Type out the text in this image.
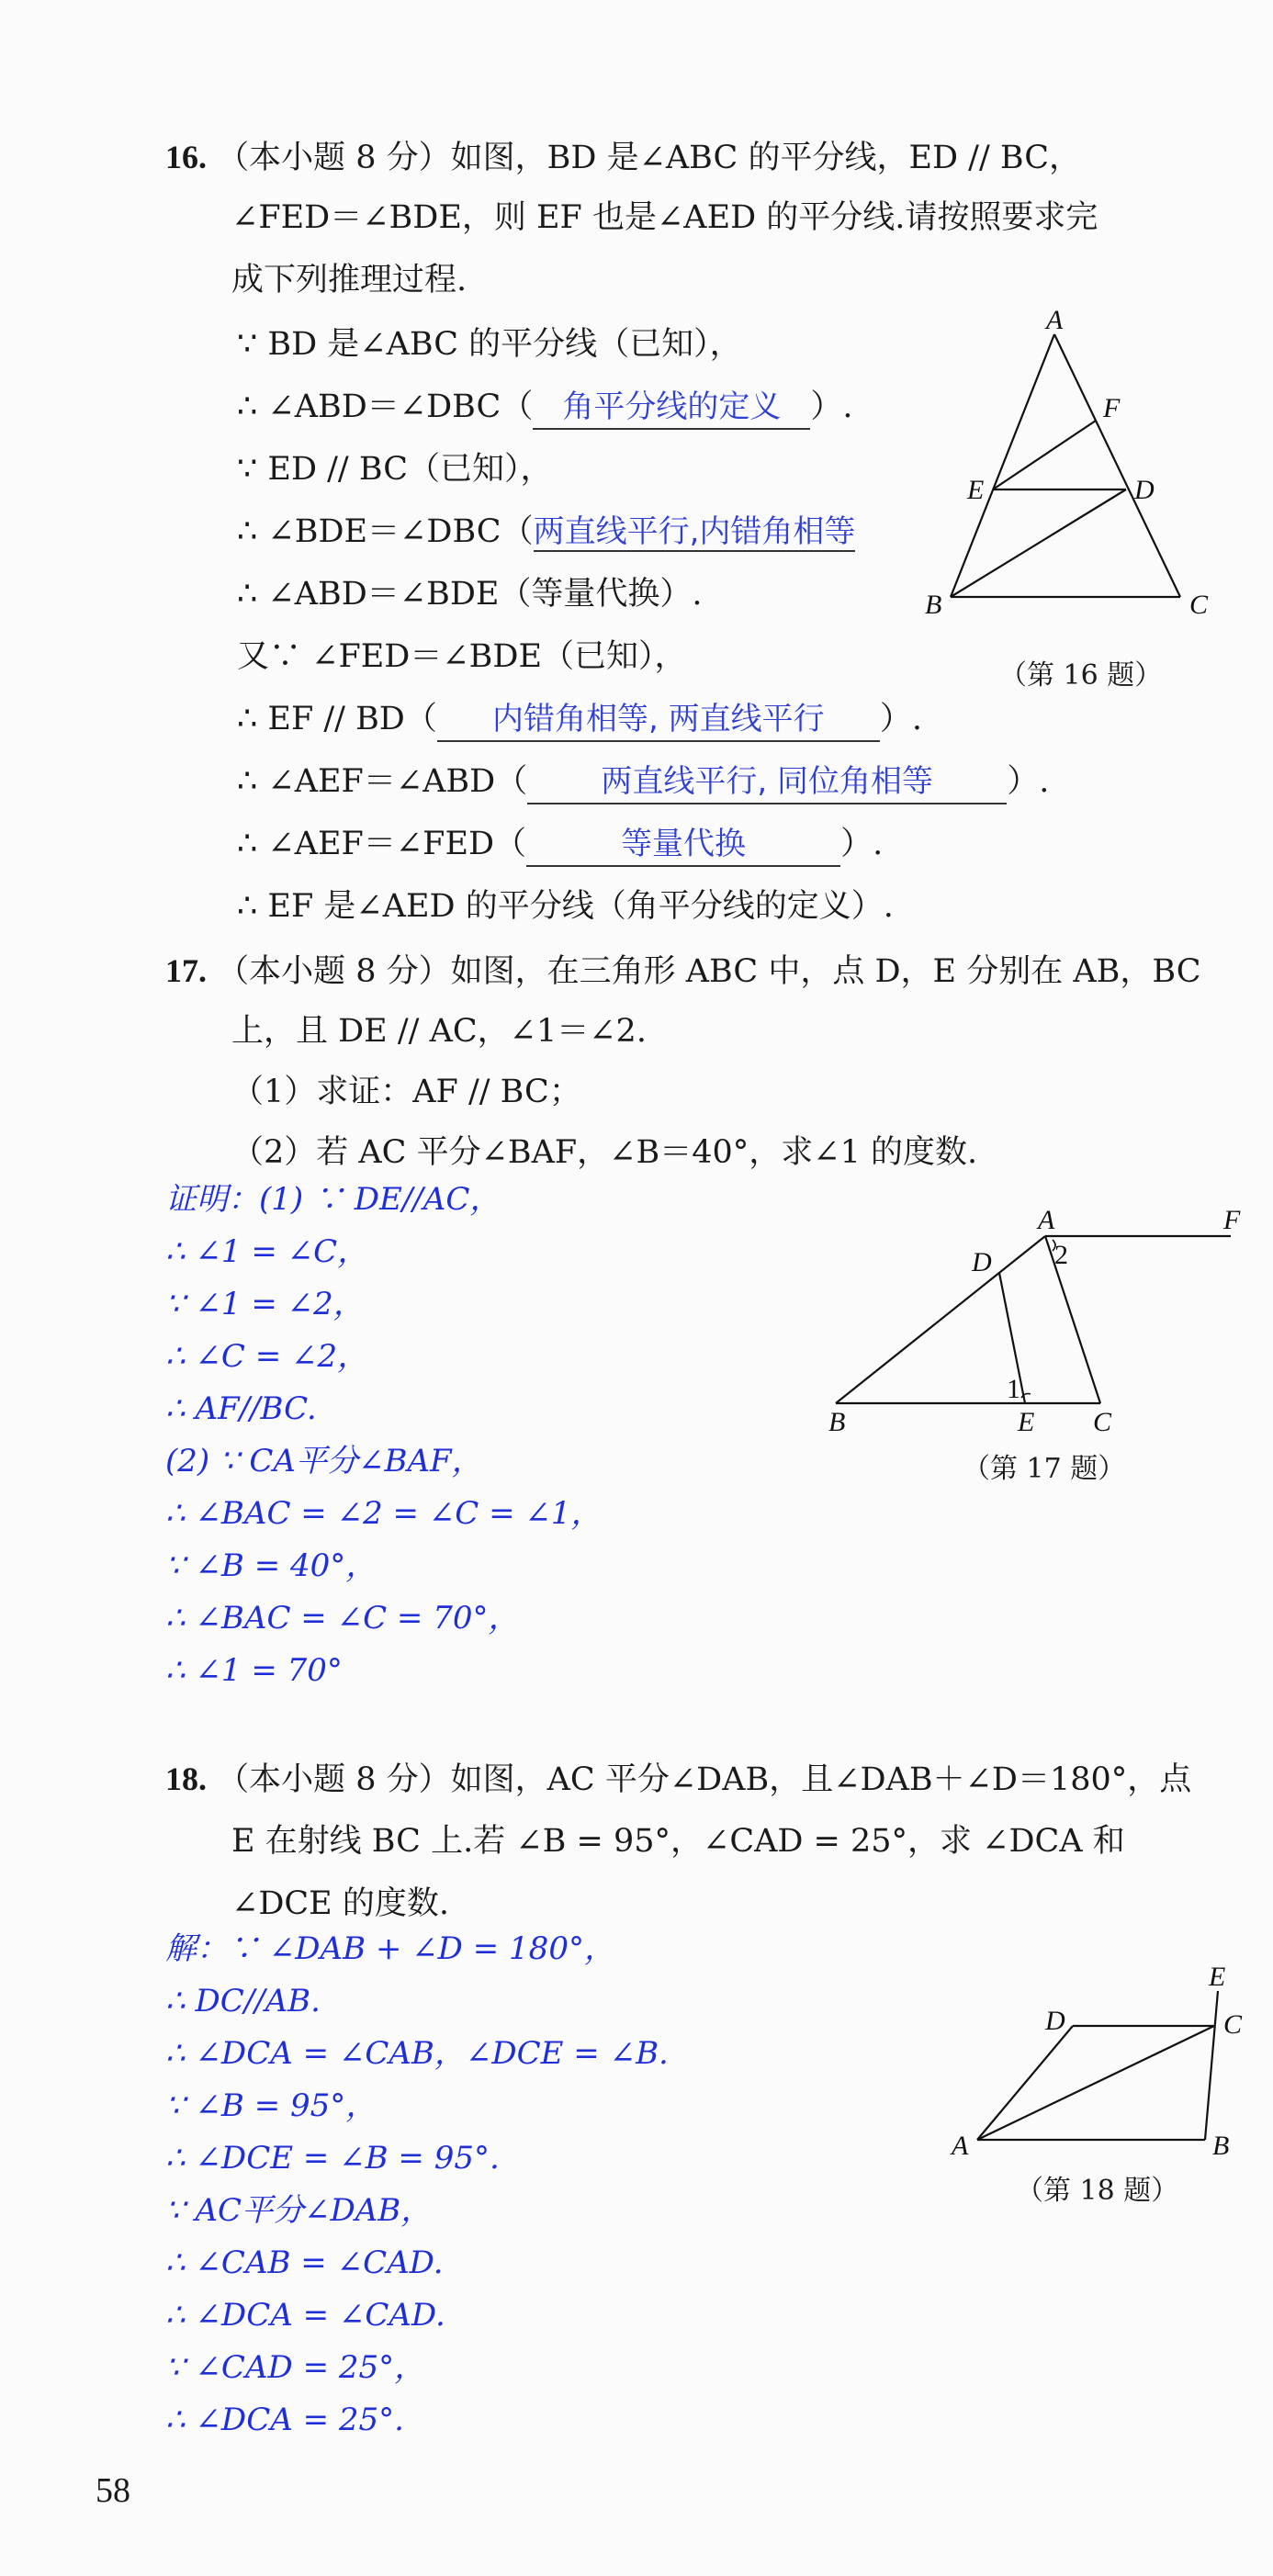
16. （本小题 8 分）如图，BD 是∠ABC 的平分线，ED // BC，
∠FED＝∠BDE，则 EF 也是∠AED 的平分线.请按照要求完
成下列推理过程.
∵ BD 是∠ABC 的平分线（已知），
∴ ∠ABD＝∠DBC（ 角平分线的定义 ）.
∵ ED // BC（已知），
∴ ∠BDE＝∠DBC（两直线平行,内错角相等
∴ ∠ABD＝∠BDE（等量代换）.
又∵ ∠FED＝∠BDE（已知），
∴ EF // BD（ 内错角相等, 两直线平行 ）.
∴ ∠AEF＝∠ABD（ 两直线平行, 同位角相等 ）.
∴ ∠AEF＝∠FED（	等量代换	）.
∴ EF 是∠AED 的平分线（角平分线的定义）.
A
F
E	D
B	C
（第 16 题）
17. （本小题 8 分）如图，在三角形 ABC 中，点 D，E 分别在 AB，BC
上，且 DE // AC，∠1＝∠2.
（1）求证：AF // BC；
（2）若 AC 平分∠BAF，∠B＝40°，求∠1 的度数.
证明：(1) ∵ DE//AC，
∴ ∠1 = ∠C，
∵ ∠1 = ∠2，
∴ ∠C = ∠2，
∴ AF//BC.
(2) ∵ CA平分∠BAF，
∴ ∠BAC = ∠2 = ∠C = ∠1，
∵ ∠B = 40°，
∴ ∠BAC = ∠C = 70°，
∴ ∠1 = 70°
A	F
D 2
1
B	E C
（第 17 题）
18. （本小题 8 分）如图，AC 平分∠DAB，且∠DAB＋∠D＝180°，点
E 在射线 BC 上.若 ∠B = 95°，∠CAD = 25°，求 ∠DCA 和
∠DCE 的度数.
解：∵ ∠DAB + ∠D = 180°，
∴ DC//AB.
∴ ∠DCA = ∠CAB，∠DCE = ∠B.
∵ ∠B = 95°，
∴ ∠DCE = ∠B = 95°.
∵ AC平分∠DAB，
∴ ∠CAB = ∠CAD.
∴ ∠DCA = ∠CAD.
∵ ∠CAD = 25°，
∴ ∠DCA = 25°.
E
D	C
A	B
（第 18 题）
58
